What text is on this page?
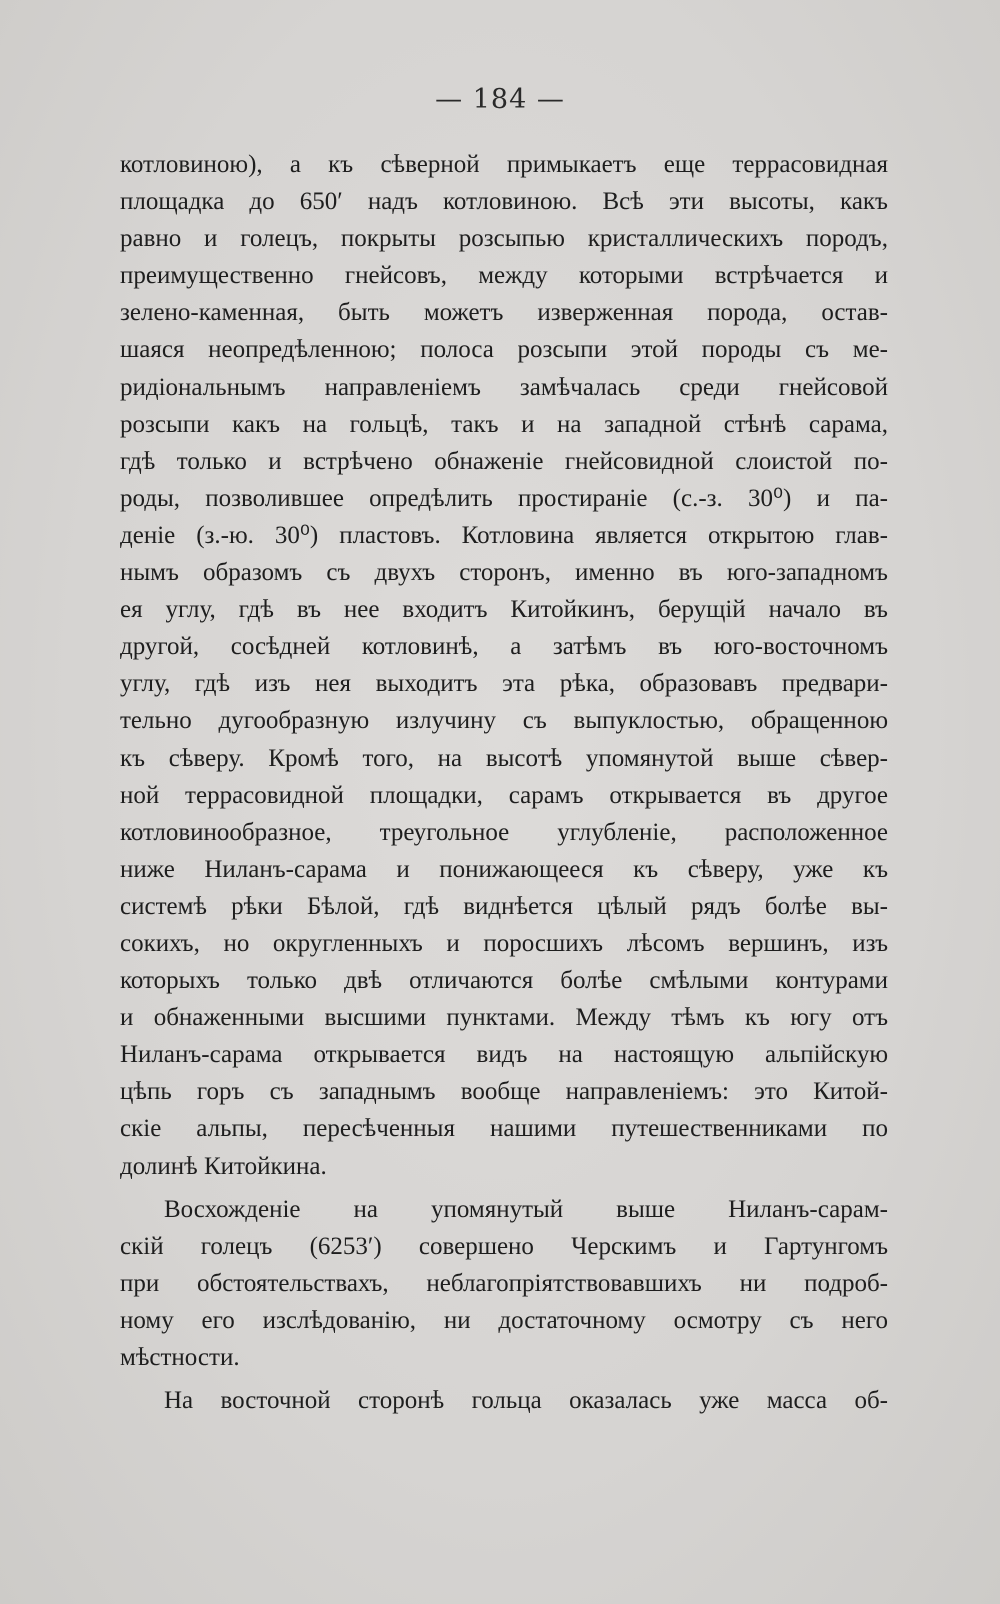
— 184 —
котловиною), а къ сѣверной примыкаетъ еще террасовидная
площадка до 650′ надъ котловиною. Всѣ эти высоты, какъ
равно и голецъ, покрыты розсыпью кристаллическихъ породъ,
преимущественно гнейсовъ, между которыми встрѣчается и
зелено-каменная, быть можетъ изверженная порода, остав-
шаяся неопредѣленною; полоса розсыпи этой породы съ ме-
ридіональнымъ направленіемъ замѣчалась среди гнейсовой
розсыпи какъ на гольцѣ, такъ и на западной стѣнѣ сарама,
гдѣ только и встрѣчено обнаженіе гнейсовидной слоистой по-
роды, позволившее опредѣлить простираніе (с.-з. 30⁰) и па-
деніе (з.-ю. 30⁰) пластовъ. Котловина является открытою глав-
нымъ образомъ съ двухъ сторонъ, именно въ юго-западномъ
ея углу, гдѣ въ нее входитъ Китойкинъ, берущій начало въ
другой, сосѣдней котловинѣ, а затѣмъ въ юго-восточномъ
углу, гдѣ изъ нея выходитъ эта рѣка, образовавъ предвари-
тельно дугообразную излучину съ выпуклостью, обращенною
къ сѣверу. Кромѣ того, на высотѣ упомянутой выше сѣвер-
ной террасовидной площадки, сарамъ открывается въ другое
котловинообразное, треугольное углубленіе, расположенное
ниже Ниланъ-сарама и понижающееся къ сѣверу, уже къ
системѣ рѣки Бѣлой, гдѣ виднѣется цѣлый рядъ болѣе вы-
сокихъ, но округленныхъ и поросшихъ лѣсомъ вершинъ, изъ
которыхъ только двѣ отличаются болѣе смѣлыми контурами
и обнаженными высшими пунктами. Между тѣмъ къ югу отъ
Ниланъ-сарама открывается видъ на настоящую альпійскую
цѣпь горъ съ западнымъ вообще направленіемъ: это Китой-
скіе альпы, пересѣченныя нашими путешественниками по
долинѣ Китойкина.
Восхожденіе на упомянутый выше Ниланъ-сарам-
скій голецъ (6253′) совершено Черскимъ и Гартунгомъ
при обстоятельствахъ, неблагопріятствовавшихъ ни подроб-
ному его изслѣдованію, ни достаточному осмотру съ него
мѣстности.
На восточной сторонѣ гольца оказалась уже масса об-
